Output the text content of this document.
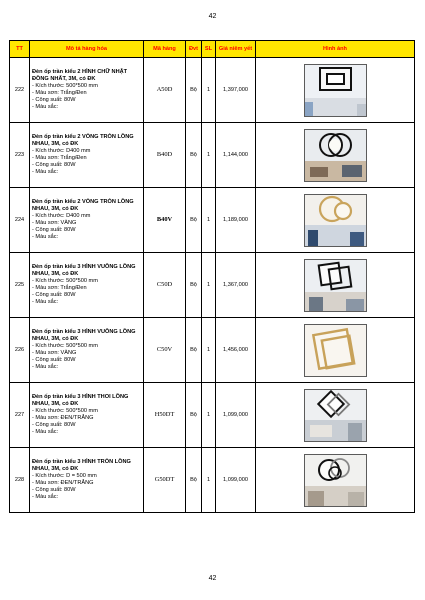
42
TT	Mô tả hàng hóa	Mã hàng	Đvt	SL	Giá niêm yết	Hình ảnh
222	Đèn ốp trần kiểu 2 HÌNH CHỮ NHẬT ĐỒNG NHẤT, 3M, có ĐK
- Kích thước: 500*500 mm
- Màu sơn: Trắng/Đen
- Công suất: 80W
- Màu sắc:	A50D	Bộ	1	1,397,000	

223	Đèn ốp trần kiểu 2 VÒNG TRÒN LỒNG NHAU, 3M, có ĐK
- Kích thước: D400 mm
- Màu sơn: Trắng/Đen
- Công suất: 80W
- Màu sắc:	B40D	Bộ	1	1,144,000	

224	Đèn ốp trần kiểu 2 VÒNG TRÒN LỒNG NHAU, 3M, có ĐK
- Kích thước: D400 mm
- Màu sơn: VÀNG
- Công suất: 80W
- Màu sắc:	B40V	Bộ	1	1,189,000	

225	Đèn ốp trần kiểu 3 HÌNH VUÔNG LỒNG NHAU, 3M, có ĐK
- Kích thước: 500*500 mm
- Màu sơn: Trắng/Đen
- Công suất: 80W
- Màu sắc:	C50D	Bộ	1	1,367,000	

226	Đèn ốp trần kiểu 3 HÌNH VUÔNG LỒNG NHAU, 3M, có ĐK
- Kích thước: 500*500 mm
- Màu sơn: VÀNG
- Công suất: 80W
- Màu sắc:	C50V	Bộ	1	1,456,000	

227	Đèn ốp trần kiểu 3 HÌNH THOI LỒNG NHAU, 3M, có ĐK
- Kích thước: 500*500 mm
- Màu sơn: ĐEN/TRẮNG
- Công suất: 80W
- Màu sắc:	H50DT	Bộ	1	1,099,000	

228	Đèn ốp trần kiểu 3 HÌNH TRÒN LỒNG NHAU, 3M, có ĐK
- Kích thước: D = 500 mm
- Màu sơn: ĐEN/TRẮNG
- Công suất: 80W
- Màu sắc:	G50DT	Bộ	1	1,099,000	
42
